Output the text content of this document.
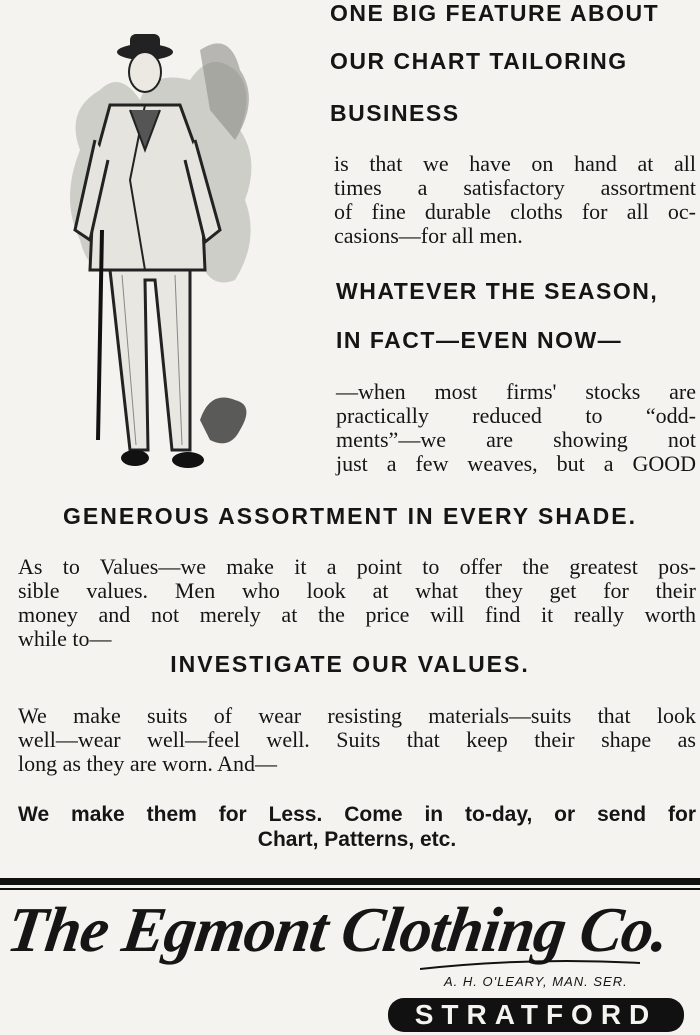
ONE BIG FEATURE ABOUT
OUR CHART TAILORING
BUSINESS
is that we have on hand at all
times a satisfactory assortment
of fine durable cloths for all oc-
casions—for all men.
WHATEVER THE SEASON,
IN FACT—EVEN NOW—
—when most firms' stocks are
practically reduced to “odd-
ments”—we are showing not
just a few weaves, but a GOOD
GENEROUS ASSORTMENT IN EVERY SHADE.
As to Values—we make it a point to offer the greatest pos-
sible values. Men who look at what they get for their
money and not merely at the price will find it really worth
while to—
INVESTIGATE OUR VALUES.
We make suits of wear resisting materials—suits that look
well—wear well—feel well. Suits that keep their shape as
long as they are worn. And—
We make them for Less. Come in to-day, or send for
Chart, Patterns, etc.
The Egmont Clothing Co.
A. H. O'LEARY, MAN. SER.
STRATFORD
